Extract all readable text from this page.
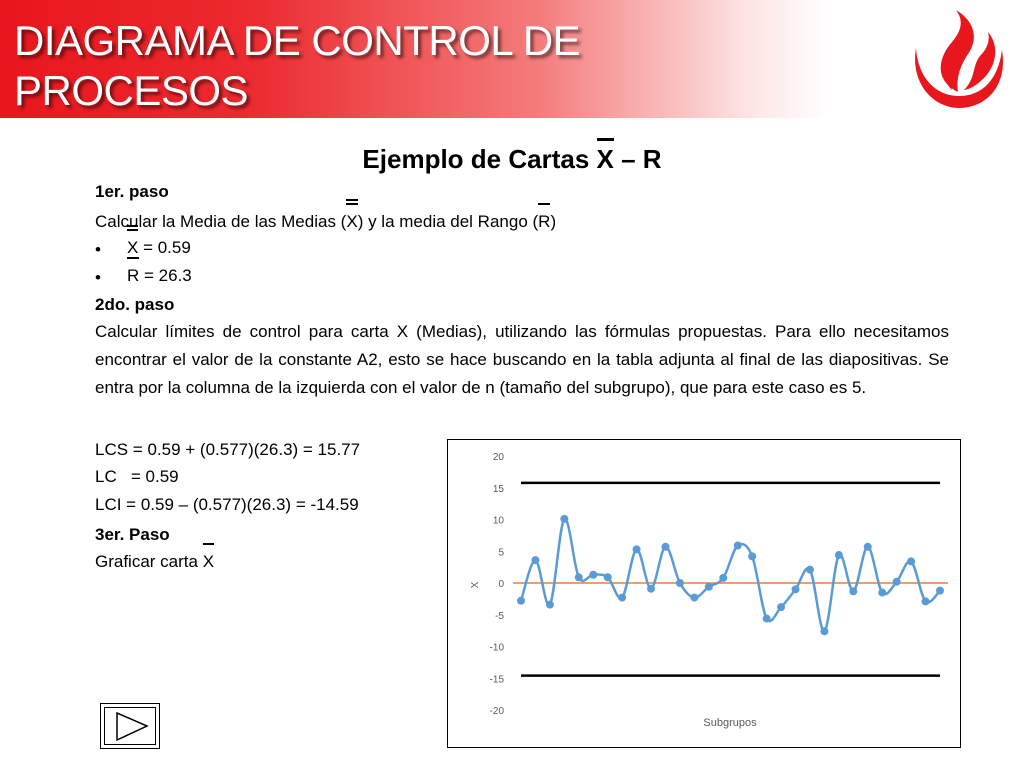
DIAGRAMA DE CONTROL DE PROCESOS
Ejemplo de Cartas X – R
1er. paso
Calcular la Media de las Medias (X) y la media del Rango (R)
• X = 0.59
• R = 26.3
2do. paso
Calcular límites de control para carta X (Medias), utilizando las fórmulas propuestas. Para ello necesitamos encontrar el valor de la constante A2, esto se hace buscando en la tabla adjunta al final de las diapositivas. Se entra por la columna de la izquierda con el valor de n (tamaño del subgrupo), que para este caso es 5.
LCS = 0.59 + (0.577)(26.3) = 15.77
LC   = 0.59
LCI = 0.59 – (0.577)(26.3) = -14.59
3er. Paso
Graficar carta X
20
15
10
5
0
-5
-10
-15
-20
X
Subgrupos
